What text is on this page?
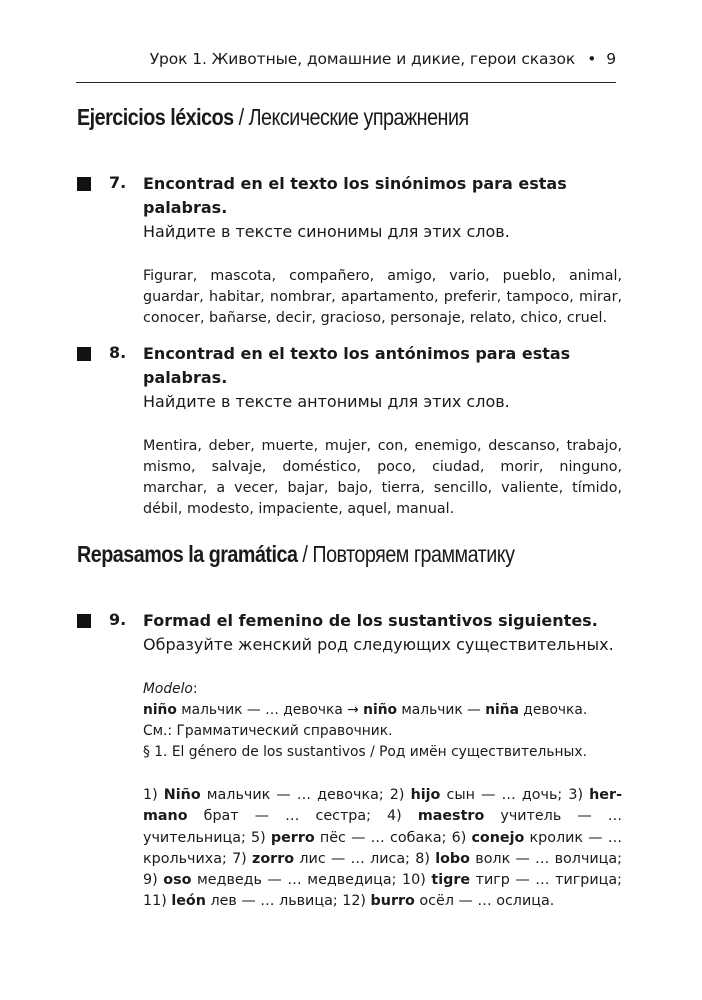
Урок 1. Животные, домашние и дикие, герои сказок • 9
Ejercicios léxicos / Лексические упражнения
7.	Encontrad en el texto los sinónimos para estas palabras.
Найдите в тексте синонимы для этих слов.
Figurar, mascota, compañero, amigo, vario, pueblo, animal, guardar, habitar, nombrar, apartamento, preferir, tampoco, mirar, conocer, bañarse, decir, gracioso, personaje, relato, chico, cruel.
8.	Encontrad en el texto los antónimos para estas palabras.
Найдите в тексте антонимы для этих слов.
Mentira, deber, muerte, mujer, con, enemigo, descanso, trabajo, mismo, salvaje, doméstico, poco, ciudad, morir, ninguno, marchar, a vecer, bajar, bajo, tierra, sencillo, valiente, tímido, débil, modesto, impaciente, aquel, manual.
Repasamos la gramática / Повторяем грамматику
9.	Formad el femenino de los sustantivos siguientes.
Образуйте женский род следующих существительных.
Modelo:
niño мальчик — … девочка → niño мальчик — niña девочка.
См.: Грамматический справочник.
§ 1. El género de los sustantivos / Род имён существительных.
1) Niño мальчик — … девочка; 2) hijo сын — … дочь; 3) hermano брат — … сестра; 4) maestro учитель — … учительница; 5) perro пёс — … собака; 6) conejo кролик — … крольчиха; 7) zorro лис — … лиса; 8) lobo волк — … волчица; 9) oso медведь — … медведица; 10) tigre тигр — … тигрица; 11) león лев — … львица; 12) burro осёл — … ослица.
